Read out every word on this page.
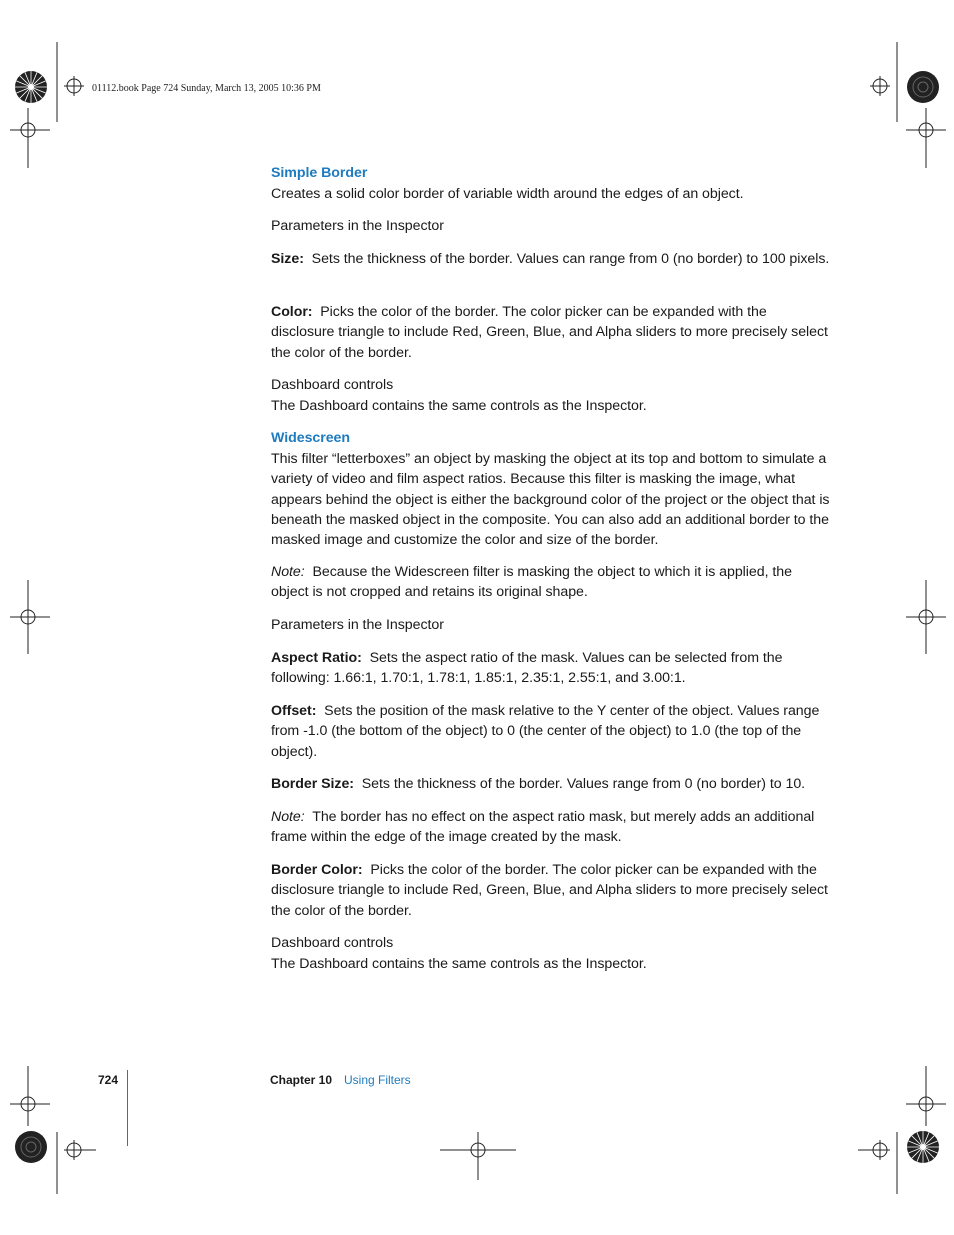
01112.book Page 724 Sunday, March 13, 2005 10:36 PM
Simple Border

Creates a solid color border of variable width around the edges of an object.

Parameters in the Inspector

Size: Sets the thickness of the border. Values can range from 0 (no border) to 100 pixels.

Color: Picks the color of the border. The color picker can be expanded with the disclosure triangle to include Red, Green, Blue, and Alpha sliders to more precisely select the color of the border.

Dashboard controls

The Dashboard contains the same controls as the Inspector.

Widescreen

This filter “letterboxes” an object by masking the object at its top and bottom to simulate a variety of video and film aspect ratios. Because this filter is masking the image, what appears behind the object is either the background color of the project or the object that is beneath the masked object in the composite. You can also add an additional border to the masked image and customize the color and size of the border.

Note: Because the Widescreen filter is masking the object to which it is applied, the object is not cropped and retains its original shape.

Parameters in the Inspector

Aspect Ratio: Sets the aspect ratio of the mask. Values can be selected from the following: 1.66:1, 1.70:1, 1.78:1, 1.85:1, 2.35:1, 2.55:1, and 3.00:1.

Offset: Sets the position of the mask relative to the Y center of the object. Values range from -1.0 (the bottom of the object) to 0 (the center of the object) to 1.0 (the top of the object).

Border Size: Sets the thickness of the border. Values range from 0 (no border) to 10.

Note: The border has no effect on the aspect ratio mask, but merely adds an additional frame within the edge of the image created by the mask.

Border Color: Picks the color of the border. The color picker can be expanded with the disclosure triangle to include Red, Green, Blue, and Alpha sliders to more precisely select the color of the border.

Dashboard controls

The Dashboard contains the same controls as the Inspector.

724	Chapter 10 Using Filters
